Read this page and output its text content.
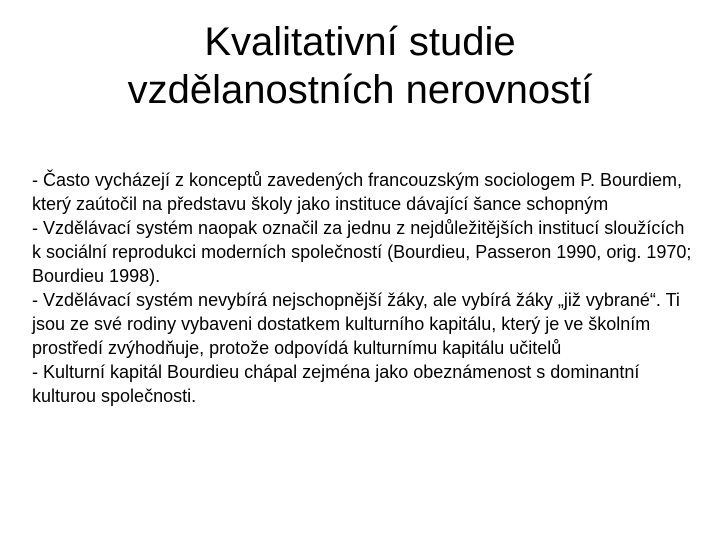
Kvalitativní studie
vzdělanostních nerovností
- Často vycházejí z konceptů zavedených francouzským sociologem P. Bourdiem, který zaútočil na představu školy jako instituce dávající šance schopným
- Vzdělávací systém naopak označil za jednu z nejdůležitějších institucí sloužících k sociální reprodukci moderních společností (Bourdieu, Passeron 1990, orig. 1970; Bourdieu 1998).
- Vzdělávací systém nevybírá nejschopnější žáky, ale vybírá žáky „již vybrané“. Ti jsou ze své rodiny vybaveni dostatkem kulturního kapitálu, který je ve školním prostředí zvýhodňuje, protože odpovídá kulturnímu kapitálu učitelů
- Kulturní kapitál Bourdieu chápal zejména jako obeznámenost s dominantní kulturou společnosti.
